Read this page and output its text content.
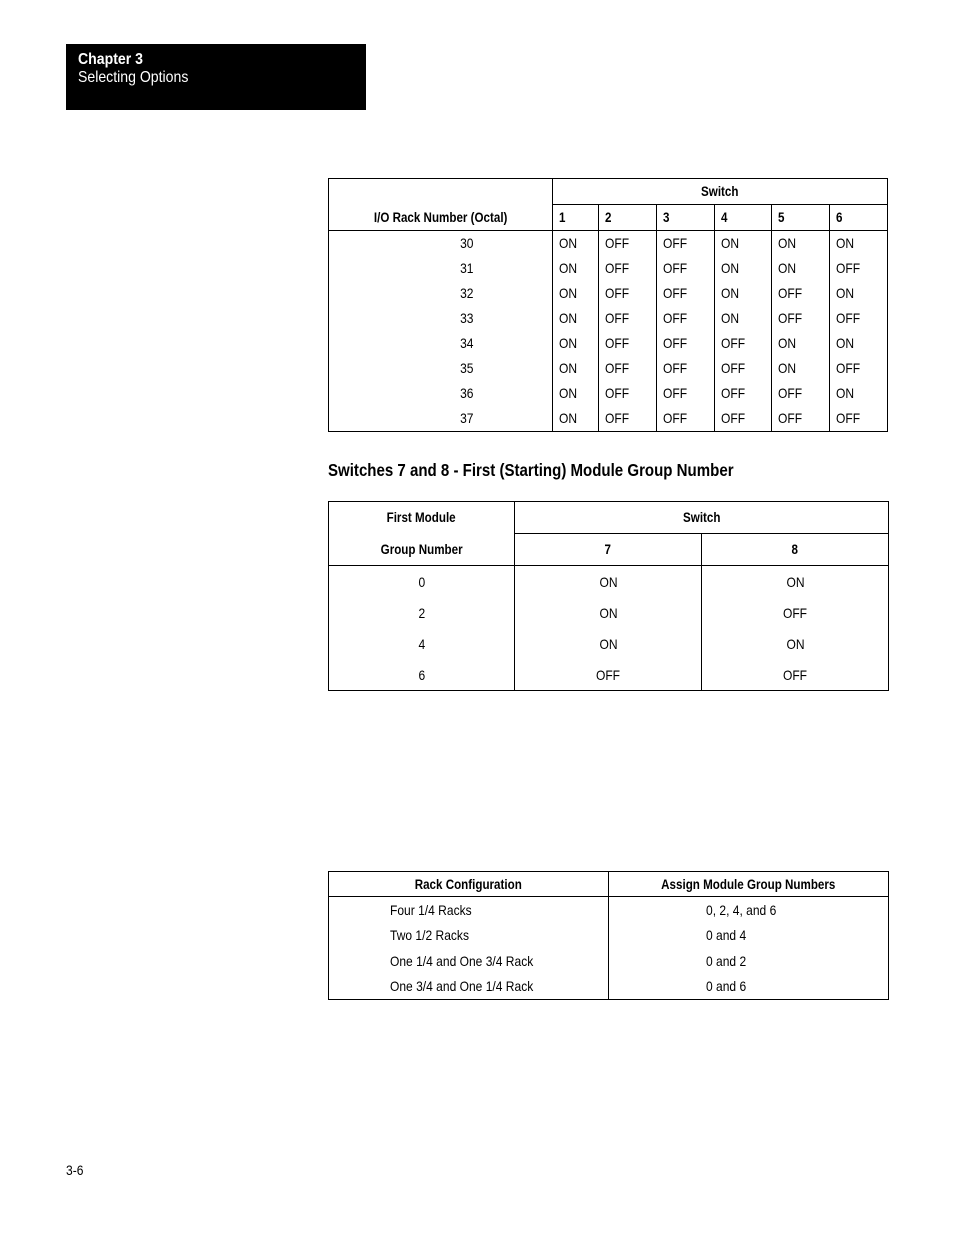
Chapter 3
Selecting Options
I/O Rack Number (Octal)	Switch					
	1	2	3	4	5	6
30	ON	OFF	OFF	ON	ON	ON
31	ON	OFF	OFF	ON	ON	OFF
32	ON	OFF	OFF	ON	OFF	ON
33	ON	OFF	OFF	ON	OFF	OFF
34	ON	OFF	OFF	OFF	ON	ON
35	ON	OFF	OFF	OFF	ON	OFF
36	ON	OFF	OFF	OFF	OFF	ON
37	ON	OFF	OFF	OFF	OFF	OFF
Switches 7 and 8 - First (Starting) Module Group Number
First Module	Switch	
Group Number	7	8
0	ON	ON
2	ON	OFF
4	ON	ON
6	OFF	OFF
Rack Configuration	Assign Module Group Numbers
Four 1/4 Racks	0, 2, 4, and 6
Two 1/2 Racks	0 and 4
One 1/4 and One 3/4 Rack	0 and 2
One 3/4 and One 1/4 Rack	0 and 6
3-6
